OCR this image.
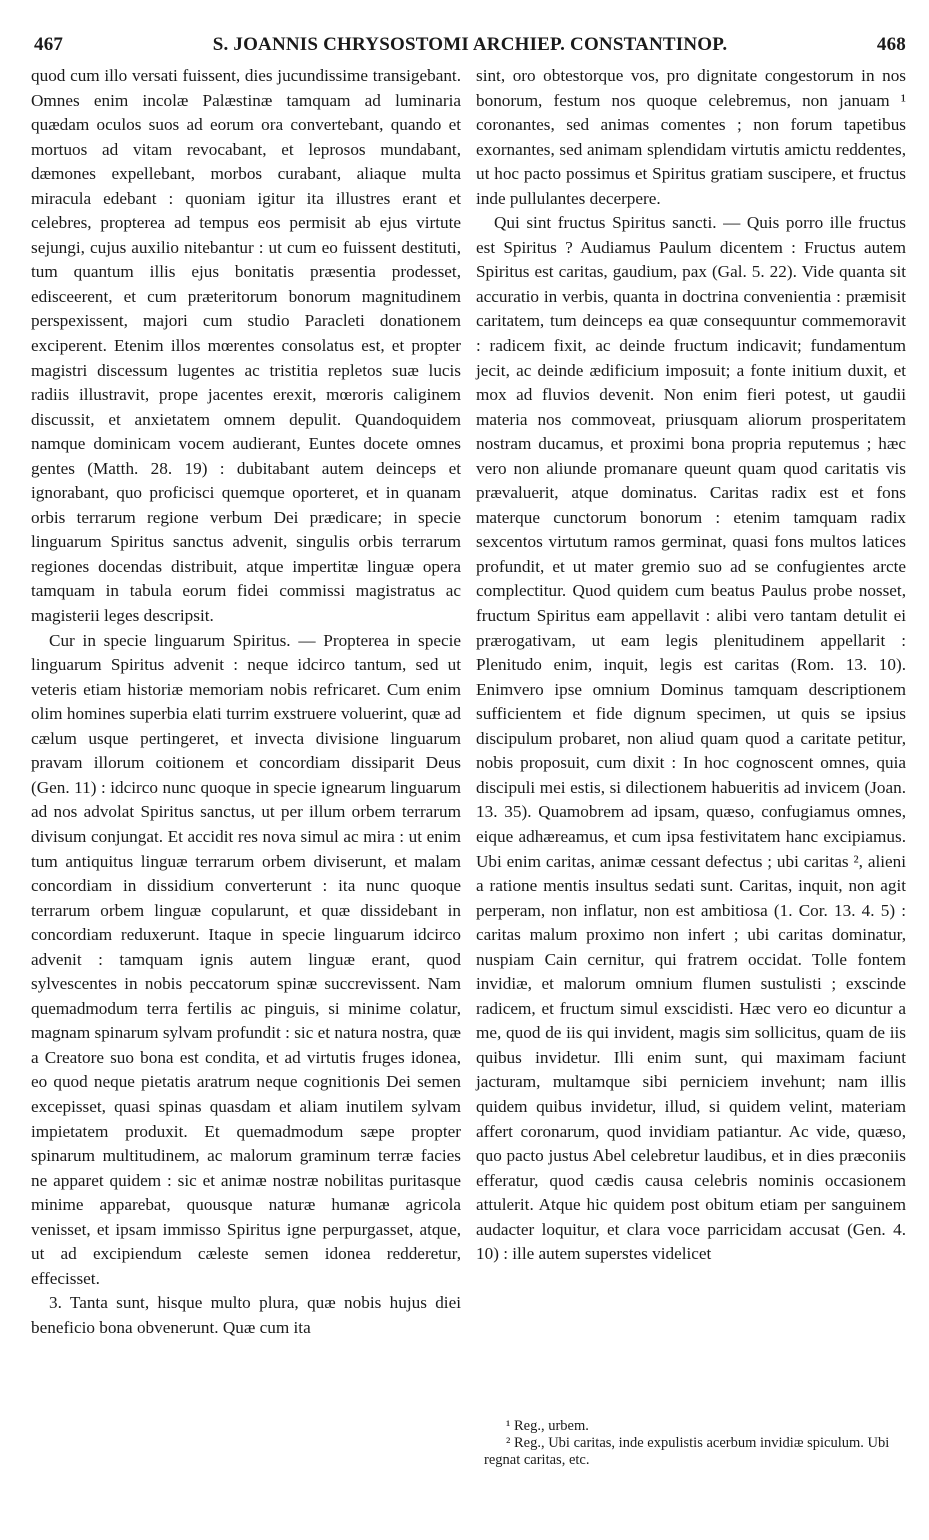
467	S. JOANNIS CHRYSOSTOMI ARCHIEP. CONSTANTINOP.	468

quod cum illo versati fuissent, dies jucundissime transigebant. Omnes enim incolæ Palæstinæ tamquam ad luminaria quædam oculos suos ad eorum ora convertebant, quando et mortuos ad vitam revocabant, et leprosos mundabant, dæmones expellebant, morbos curabant, aliaque multa miracula edebant : quoniam igitur ita illustres erant et celebres, propterea ad tempus eos permisit ab ejus virtute sejungi, cujus auxilio nitebantur : ut cum eo fuissent destituti, tum quantum illis ejus bonitatis præsentia prodesset, edisceerent, et cum præteritorum bonorum magnitudinem perspexissent, majori cum studio Paracleti donationem exciperent. Etenim illos mœrentes consolatus est, et propter magistri discessum lugentes ac tristitia repletos suæ lucis radiis illustravit, prope jacentes erexit, mœroris caliginem discussit, et anxietatem omnem depulit. Quandoquidem namque dominicam vocem audierant, Euntes docete omnes gentes (Matth. 28. 19) : dubitabant autem deinceps et ignorabant, quo proficisci quemque oporteret, et in quanam orbis terrarum regione verbum Dei prædicare; in specie linguarum Spiritus sanctus advenit, singulis orbis terrarum regiones docendas distribuit, atque impertitæ linguæ opera tamquam in tabula eorum fidei commissi magistratus ac magisterii leges descripsit.

Cur in specie linguarum Spiritus. — Propterea in specie linguarum Spiritus advenit : neque idcirco tantum, sed ut veteris etiam historiæ memoriam nobis refricaret. Cum enim olim homines superbia elati turrim exstruere voluerint, quæ ad cælum usque pertingeret, et invecta divisione linguarum pravam illorum coitionem et concordiam dissiparit Deus (Gen. 11) : idcirco nunc quoque in specie ignearum linguarum ad nos advolat Spiritus sanctus, ut per illum orbem terrarum divisum conjungat. Et accidit res nova simul ac mira : ut enim tum antiquitus linguæ terrarum orbem diviserunt, et malam concordiam in dissidium converterunt : ita nunc quoque terrarum orbem linguæ copularunt, et quæ dissidebant in concordiam reduxerunt. Itaque in specie linguarum idcirco advenit : tamquam ignis autem linguæ erant, quod sylvescentes in nobis peccatorum spinæ succrevissent. Nam quemadmodum terra fertilis ac pinguis, si minime colatur, magnam spinarum sylvam profundit : sic et natura nostra, quæ a Creatore suo bona est condita, et ad virtutis fruges idonea, eo quod neque pietatis aratrum neque cognitionis Dei semen excepisset, quasi spinas quasdam et aliam inutilem sylvam impietatem produxit. Et quemadmodum sæpe propter spinarum multitudinem, ac malorum graminum terræ facies ne apparet quidem : sic et animæ nostræ nobilitas puritasque minime apparebat, quousque naturæ humanæ agricola venisset, et ipsam immisso Spiritus igne perpurgasset, atque, ut ad excipiendum cæleste semen idonea redderetur, effecisset.

3. Tanta sunt, hisque multo plura, quæ nobis hujus diei beneficio bona obvenerunt. Quæ cum ita

sint, oro obtestorque vos, pro dignitate congestorum in nos bonorum, festum nos quoque celebremus, non januam ¹ coronantes, sed animas comentes ; non forum tapetibus exornantes, sed animam splendidam virtutis amictu reddentes, ut hoc pacto possimus et Spiritus gratiam suscipere, et fructus inde pullulantes decerpere.

Qui sint fructus Spiritus sancti. — Quis porro ille fructus est Spiritus ? Audiamus Paulum dicentem : Fructus autem Spiritus est caritas, gaudium, pax (Gal. 5. 22). Vide quanta sit accuratio in verbis, quanta in doctrina convenientia : præmisit caritatem, tum deinceps ea quæ consequuntur commemoravit : radicem fixit, ac deinde fructum indicavit; fundamentum jecit, ac deinde ædificium imposuit; a fonte initium duxit, et mox ad fluvios devenit. Non enim fieri potest, ut gaudii materia nos commoveat, priusquam aliorum prosperitatem nostram ducamus, et proximi bona propria reputemus ; hæc vero non aliunde promanare queunt quam quod caritatis vis prævaluerit, atque dominatus. Caritas radix est et fons materque cunctorum bonorum : etenim tamquam radix sexcentos virtutum ramos germinat, quasi fons multos latices profundit, et ut mater gremio suo ad se confugientes arcte complectitur. Quod quidem cum beatus Paulus probe nosset, fructum Spiritus eam appellavit : alibi vero tantam detulit ei prærogativam, ut eam legis plenitudinem appellarit : Plenitudo enim, inquit, legis est caritas (Rom. 13. 10). Enimvero ipse omnium Dominus tamquam descriptionem sufficientem et fide dignum specimen, ut quis se ipsius discipulum probaret, non aliud quam quod a caritate petitur, nobis proposuit, cum dixit : In hoc cognoscent omnes, quia discipuli mei estis, si dilectionem habueritis ad invicem (Joan. 13. 35). Quamobrem ad ipsam, quæso, confugiamus omnes, eique adhæreamus, et cum ipsa festivitatem hanc excipiamus. Ubi enim caritas, animæ cessant defectus ; ubi caritas ², alieni a ratione mentis insultus sedati sunt. Caritas, inquit, non agit perperam, non inflatur, non est ambitiosa (1. Cor. 13. 4. 5) : caritas malum proximo non infert ; ubi caritas dominatur, nuspiam Cain cernitur, qui fratrem occidat. Tolle fontem invidiæ, et malorum omnium flumen sustulisti ; exscinde radicem, et fructum simul exscidisti. Hæc vero eo dicuntur a me, quod de iis qui invident, magis sim sollicitus, quam de iis quibus invidetur. Illi enim sunt, qui maximam faciunt jacturam, multamque sibi perniciem invehunt; nam illis quidem quibus invidetur, illud, si quidem velint, materiam affert coronarum, quod invidiam patiantur. Ac vide, quæso, quo pacto justus Abel celebretur laudibus, et in dies præconiis efferatur, quod cædis causa celebris nominis occasionem attulerit. Atque hic quidem post obitum etiam per sanguinem audacter loquitur, et clara voce parricidam accusat (Gen. 4. 10) : ille autem superstes videlicet

¹ Reg., urbem.

² Reg., Ubi caritas, inde expulistis acerbum invidiæ spiculum. Ubi regnat caritas, etc.
